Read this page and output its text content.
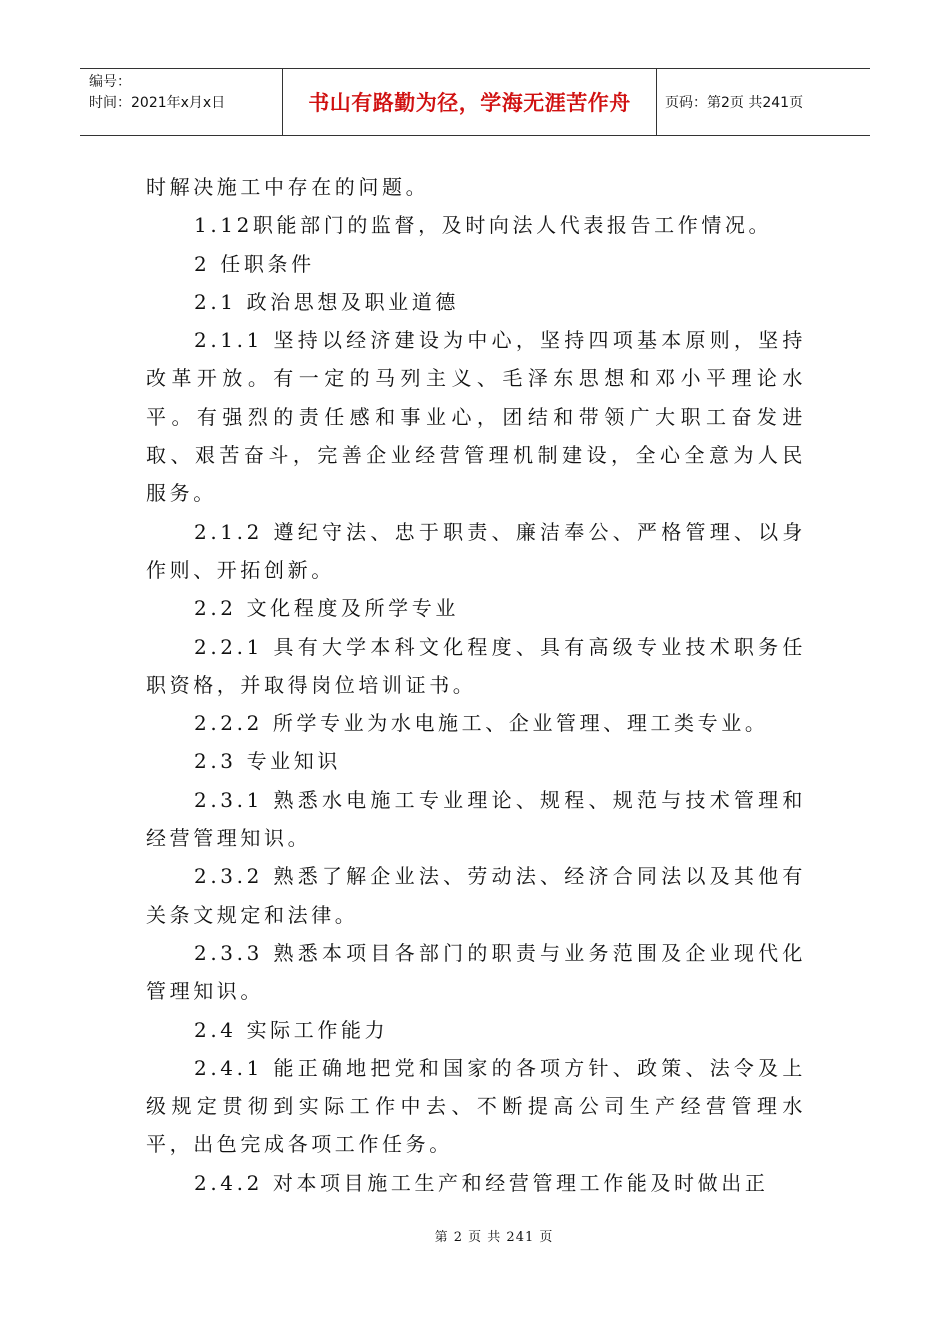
编号：
时间：2021年x月x日	书山有路勤为径，学海无涯苦作舟	页码：第2页 共241页

时解决施工中存在的问题。

1.12职能部门的监督，及时向法人代表报告工作情况。

2 任职条件

2.1 政治思想及职业道德

2.1.1 坚持以经济建设为中心，坚持四项基本原则，坚持改革开放。有一定的马列主义、毛泽东思想和邓小平理论水平。有强烈的责任感和事业心，团结和带领广大职工奋发进取、艰苦奋斗，完善企业经营管理机制建设，全心全意为人民服务。

2.1.2 遵纪守法、忠于职责、廉洁奉公、严格管理、以身作则、开拓创新。

2.2 文化程度及所学专业

2.2.1 具有大学本科文化程度、具有高级专业技术职务任职资格，并取得岗位培训证书。

2.2.2 所学专业为水电施工、企业管理、理工类专业。

2.3 专业知识

2.3.1 熟悉水电施工专业理论、规程、规范与技术管理和经营管理知识。

2.3.2 熟悉了解企业法、劳动法、经济合同法以及其他有关条文规定和法律。

2.3.3 熟悉本项目各部门的职责与业务范围及企业现代化管理知识。

2.4 实际工作能力

2.4.1 能正确地把党和国家的各项方针、政策、法令及上级规定贯彻到实际工作中去、不断提高公司生产经营管理水平，出色完成各项工作任务。

2.4.2 对本项目施工生产和经营管理工作能及时做出正

第 2 页 共 241 页
